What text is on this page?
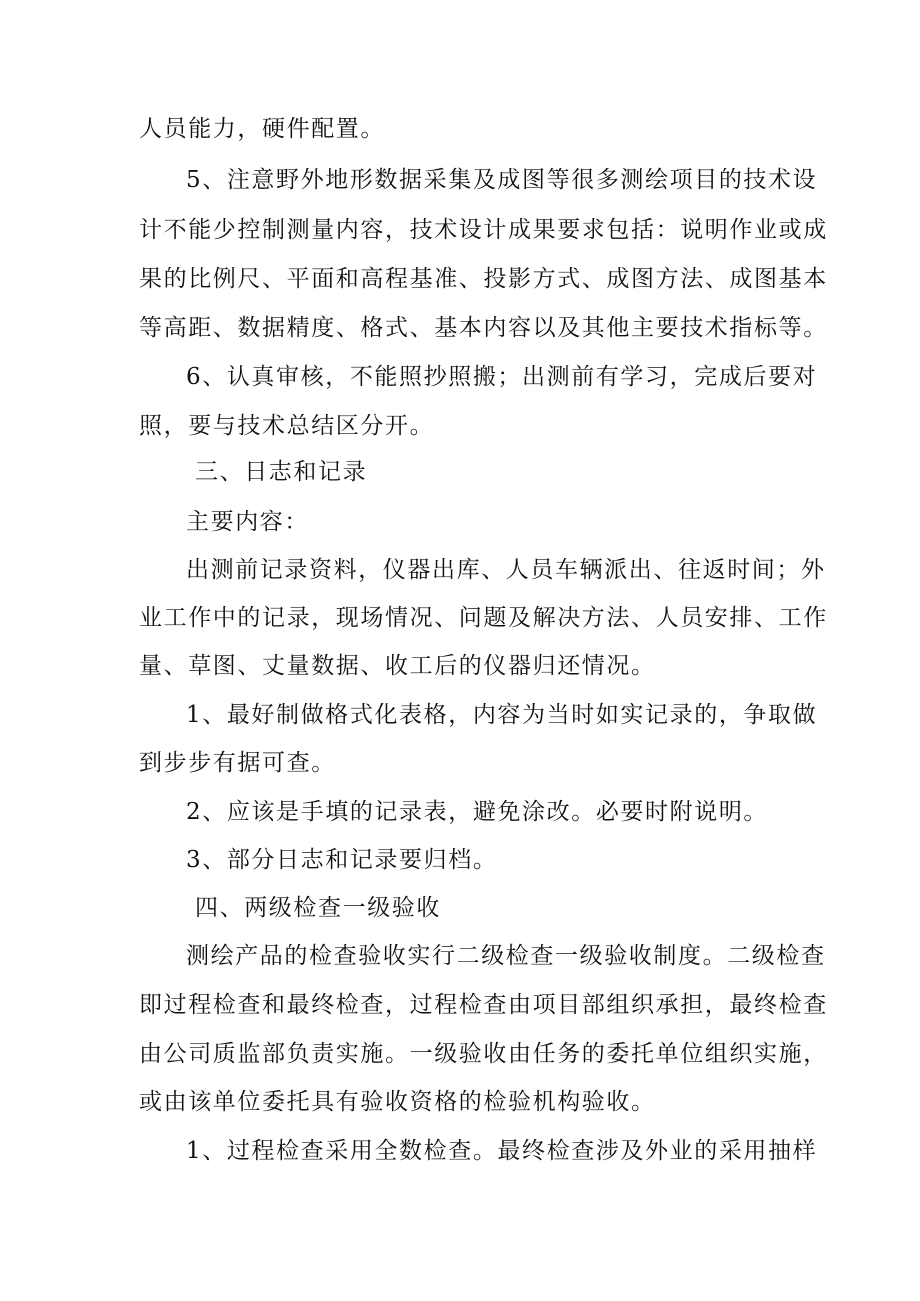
人员能力，硬件配置。
5、注意野外地形数据采集及成图等很多测绘项目的技术设
计不能少控制测量内容，技术设计成果要求包括：说明作业或成
果的比例尺、平面和高程基准、投影方式、成图方法、成图基本
等高距、数据精度、格式、基本内容以及其他主要技术指标等。
6、认真审核，不能照抄照搬；出测前有学习，完成后要对
照，要与技术总结区分开。
三、日志和记录
主要内容：
出测前记录资料，仪器出库、人员车辆派出、往返时间；外
业工作中的记录，现场情况、问题及解决方法、人员安排、工作
量、草图、丈量数据、收工后的仪器归还情况。
1、最好制做格式化表格，内容为当时如实记录的，争取做
到步步有据可查。
2、应该是手填的记录表，避免涂改。必要时附说明。
3、部分日志和记录要归档。
四、两级检查一级验收
测绘产品的检查验收实行二级检查一级验收制度。二级检查
即过程检查和最终检查，过程检查由项目部组织承担，最终检查
由公司质监部负责实施。一级验收由任务的委托单位组织实施，
或由该单位委托具有验收资格的检验机构验收。
1、过程检查采用全数检查。最终检查涉及外业的采用抽样
